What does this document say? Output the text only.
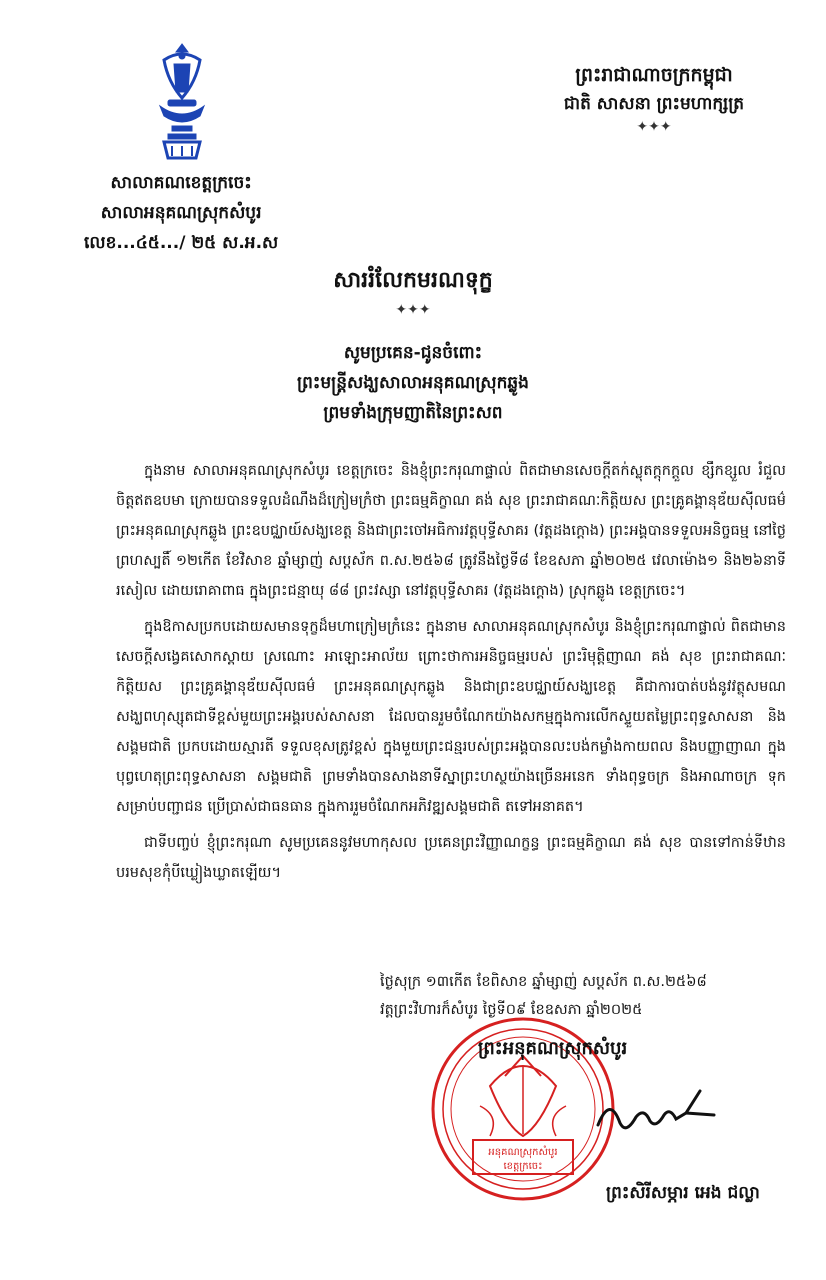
ព្រះរាជាណាចក្រកម្ពុជា
ជាតិ សាសនា ព្រះមហាក្សត្រ
✦✦✦
សាលាគណខេត្តក្រចេះ
សាលាអនុគណស្រុកសំបូរ
លេខ...៤៥.../ ២៥ ស.អ.ស
សាររំលែកមរណទុក្ខ
✦✦✦
សូមប្រគេន-ជូនចំពោះ
ព្រះមន្ត្រីសង្ឃសាលាអនុគណស្រុកឆ្លូង
ព្រមទាំងក្រុមញាតិនៃព្រះសព

ក្នុងនាម សាលាអនុគណស្រុកសំបូរ ខេត្តក្រចេះ និងខ្ញុំព្រះករុណាផ្ទាល់ ពិតជាមានសេចក្តីតក់ស្លុតក្តុកក្តួល ខ្សឹកខ្សួល រំជួលចិត្តឥតឧបមា ក្រោយបានទទួលដំណឹងដ៏ក្រៀមក្រំថា ព្រះធម្មគិក្ខាណ គង់ សុខ ព្រះរាជាគណៈកិត្តិយស ព្រះគ្រូគង្គានុឌ័យស៊ីលធម៌ ព្រះអនុគណស្រុកឆ្លូង ព្រះឧបជ្ឈាយ៍សង្ឃខេត្ត និងជាព្រះចៅអធិការវត្តបុទ្ធីសាគរ (វត្តដងក្តោង) ព្រះអង្គបានទទួលអនិច្ចធម្ម នៅថ្ងៃព្រហស្បតិ៍ ១២កើត ខែវិសាខ ឆ្នាំម្សាញ់ សប្តស័ក ព.ស.២៥៦៨ ត្រូវនឹងថ្ងៃទី៨ ខែឧសភា ឆ្នាំ២០២៥ វេលាម៉ោង១ និង២៦នាទី រសៀល ដោយរោគាពាធ ក្នុងព្រះជន្មាយុ ៨៨ ព្រះវស្សា នៅវត្តបុទ្ធីសាគរ (វត្តដងក្តោង) ស្រុកឆ្លូង ខេត្តក្រចេះ។

ក្នុងឱកាសប្រកបដោយសមានទុក្ខដ៏មហាក្រៀមក្រំនេះ ក្នុងនាម សាលាអនុគណស្រុកសំបូរ និងខ្ញុំព្រះករុណាផ្ទាល់ ពិតជាមានសេចក្តីសង្វេគសោកស្តាយ ស្រណោះ អាឡោះអាល័យ ព្រោះថាការអនិច្ចធម្មរបស់ ព្រះរិមុត្តិញាណ គង់ សុខ ព្រះរាជាគណៈកិត្តិយស ព្រះគ្រូគង្គានុឌ័យស៊ីលធម៌ ព្រះអនុគណស្រុកឆ្លូង និងជាព្រះឧបជ្ឈាយ៍សង្ឃខេត្ត គឺជាការបាត់បង់នូវវត្ថុសមណសង្ឃពហុស្សុតជាទីខ្ពស់មួយព្រះអង្គរបស់សាសនា ដែលបានរួមចំណែកយ៉ាងសកម្មក្នុងការលើកស្ទួយតម្លៃព្រះពុទ្ធសាសនា និងសង្គមជាតិ ប្រកបដោយស្មារតី ទទួលខុសត្រូវខ្ពស់ ក្នុងមួយព្រះជន្មរបស់ព្រះអង្គបានលះបង់កម្លាំងកាយពល និងបញ្ញាញាណ ក្នុងបុព្វហេតុព្រះពុទ្ធសាសនា សង្គមជាតិ ព្រមទាំងបានសាងនាទីស្នាព្រះហស្ថយ៉ាងច្រើនអនេក ទាំងពុទ្ធចក្រ និងអាណាចក្រ ទុកសម្រាប់បញ្ជាជន ប្រើប្រាស់ជាធនធាន ក្នុងការរួមចំណែកអភិវឌ្ឍសង្គមជាតិ តទៅអនាគត។

ជាទីបញ្ចប់ ខ្ញុំព្រះករុណា សូមប្រគេននូវមហាកុសល ប្រគេនព្រះវិញ្ញាណក្ខន្ធ ព្រះធម្មគិក្ខាណ គង់ សុខ បានទៅកាន់ទីឋានបរមសុខកុំបីឃ្លៀងឃ្លាតឡើយ។

ថ្ងៃសុក្រ ១៣កើត ខែពិសាខ ឆ្នាំម្សាញ់ សប្តស័ក ព.ស.២៥៦៨
វត្តព្រះវិហារក៏សំបូរ ថ្ងៃទី០៩ ខែឧសភា ឆ្នាំ២០២៥
អនុគណស្រុកសំបូរ
ខេត្តក្រចេះ
ព្រះអនុគណស្រុកសំបូរ
ព្រះសិរីសម្ភារ អេង ជល្លា
